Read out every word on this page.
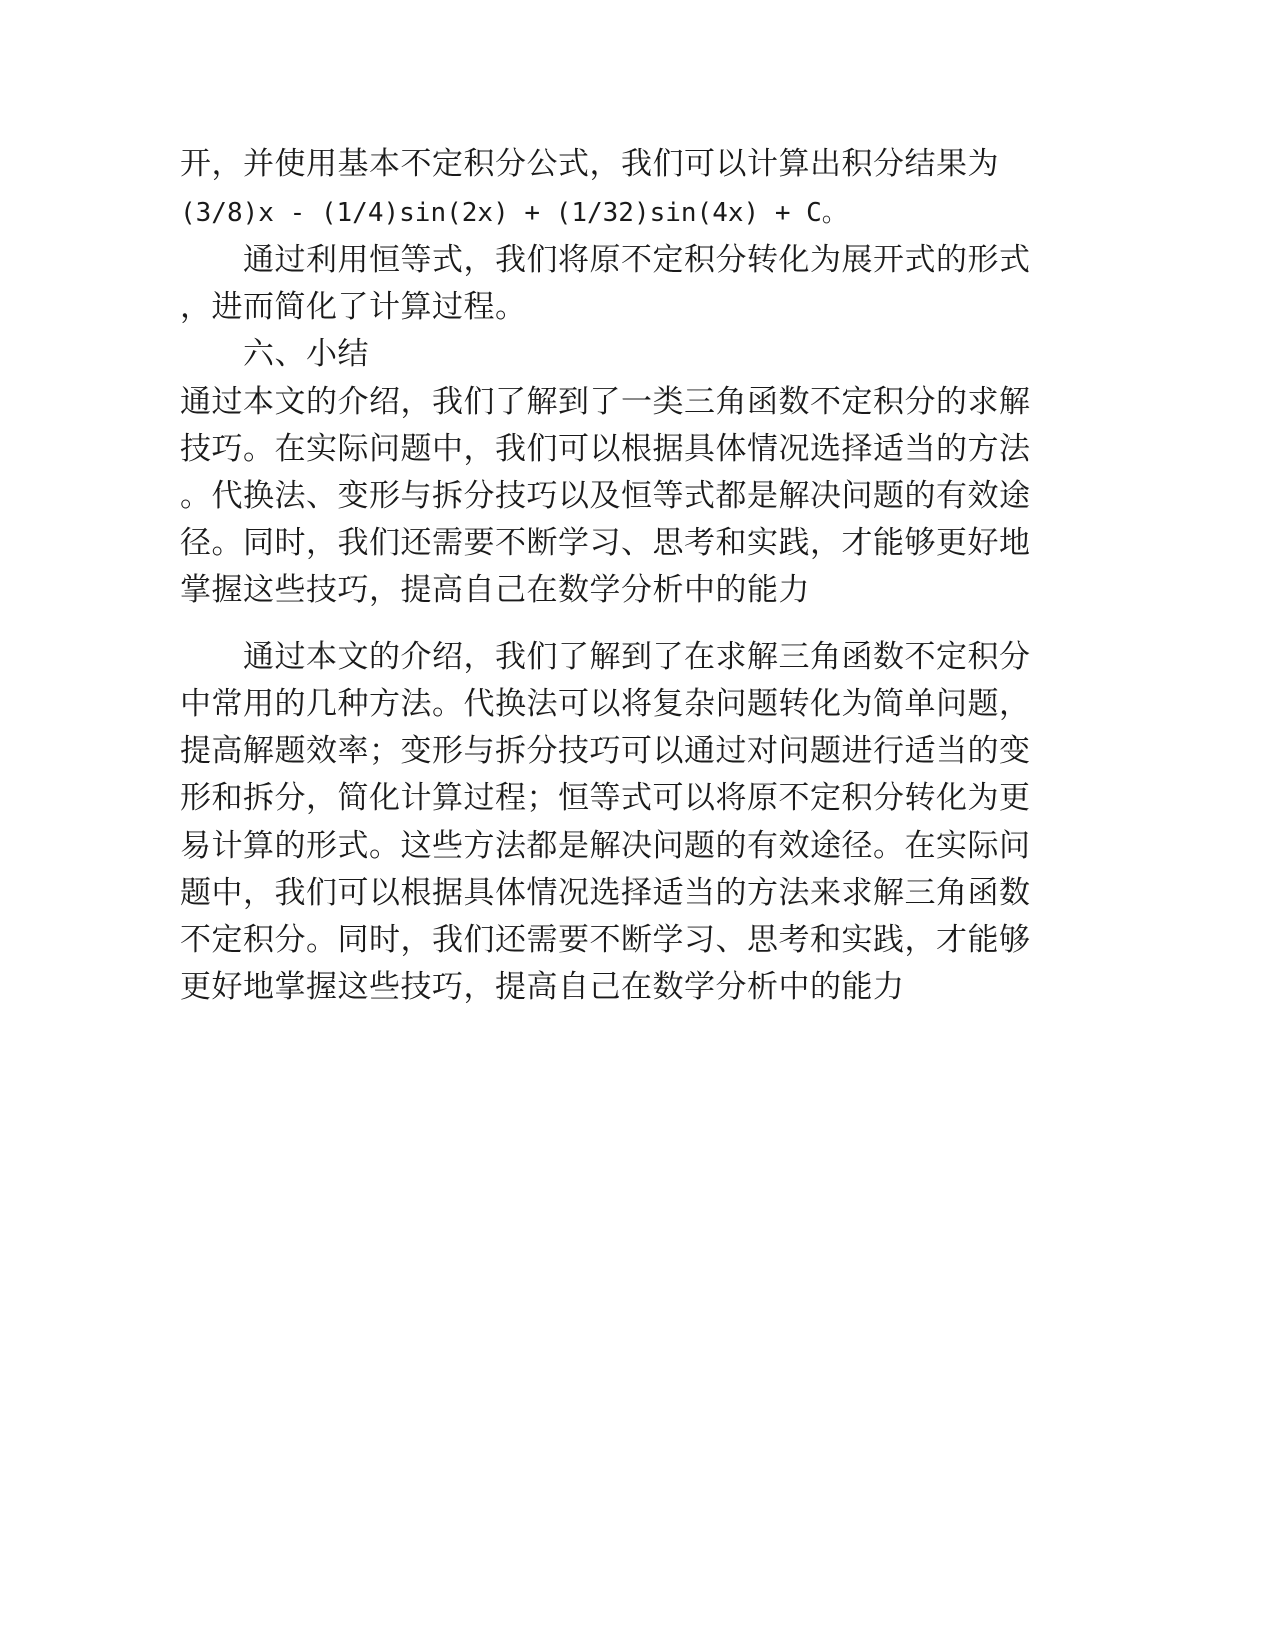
开，并使用基本不定积分公式，我们可以计算出积分结果为
(3/8)x - (1/4)sin(2x) + (1/32)sin(4x) + C。
通过利用恒等式，我们将原不定积分转化为展开式的形式
，进而简化了计算过程。
六、小结
通过本文的介绍，我们了解到了一类三角函数不定积分的求解
技巧。在实际问题中，我们可以根据具体情况选择适当的方法
。代换法、变形与拆分技巧以及恒等式都是解决问题的有效途
径。同时，我们还需要不断学习、思考和实践，才能够更好地
掌握这些技巧，提高自己在数学分析中的能力
通过本文的介绍，我们了解到了在求解三角函数不定积分
中常用的几种方法。代换法可以将复杂问题转化为简单问题，
提高解题效率；变形与拆分技巧可以通过对问题进行适当的变
形和拆分，简化计算过程；恒等式可以将原不定积分转化为更
易计算的形式。这些方法都是解决问题的有效途径。在实际问
题中，我们可以根据具体情况选择适当的方法来求解三角函数
不定积分。同时，我们还需要不断学习、思考和实践，才能够
更好地掌握这些技巧，提高自己在数学分析中的能力
